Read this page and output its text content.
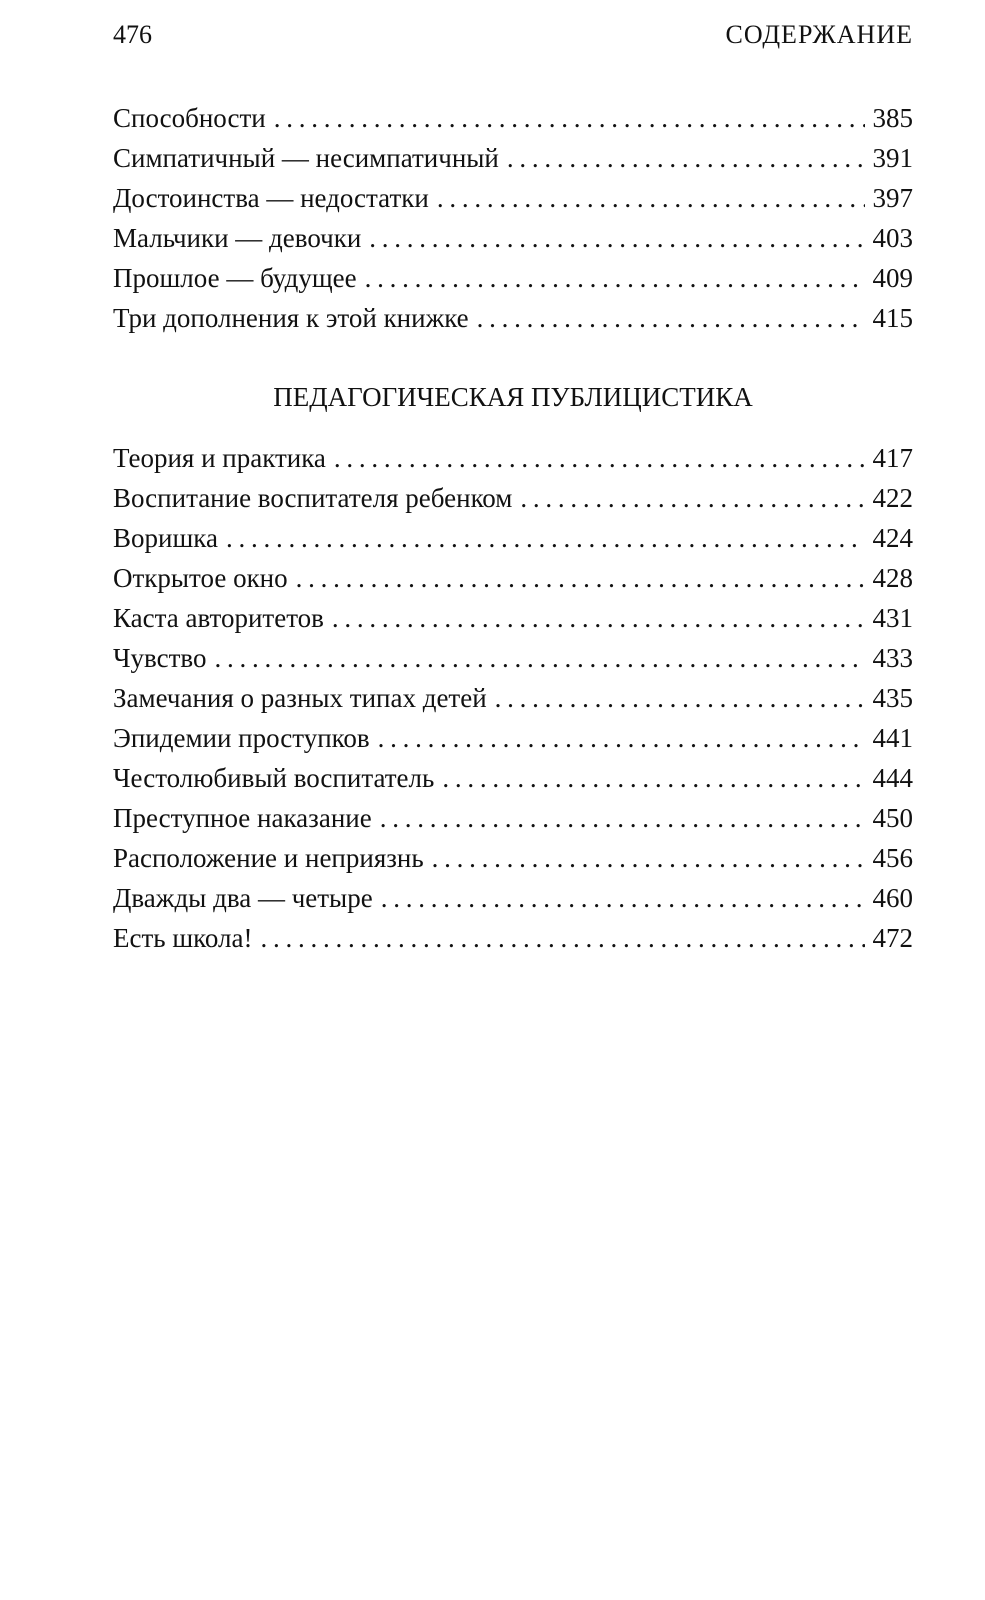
476	СОДЕРЖАНИЕ
Способности . . .	385
Симпатичный — несимпатичный . . .	391
Достоинства — недостатки . . .	397
Мальчики — девочки . . .	403
Прошлое — будущее . . .	409
Три дополнения к этой книжке . . .	415
ПЕДАГОГИЧЕСКАЯ ПУБЛИЦИСТИКА
Теория и практика . . .	417
Воспитание воспитателя ребенком . . .	422
Воришка . . .	424
Открытое окно . . .	428
Каста авторитетов . . .	431
Чувство . . .	433
Замечания о разных типах детей . . .	435
Эпидемии проступков . . .	441
Честолюбивый воспитатель . . .	444
Преступное наказание . . .	450
Расположение и неприязнь . . .	456
Дважды два — четыре . . .	460
Есть школа! . . .	472
